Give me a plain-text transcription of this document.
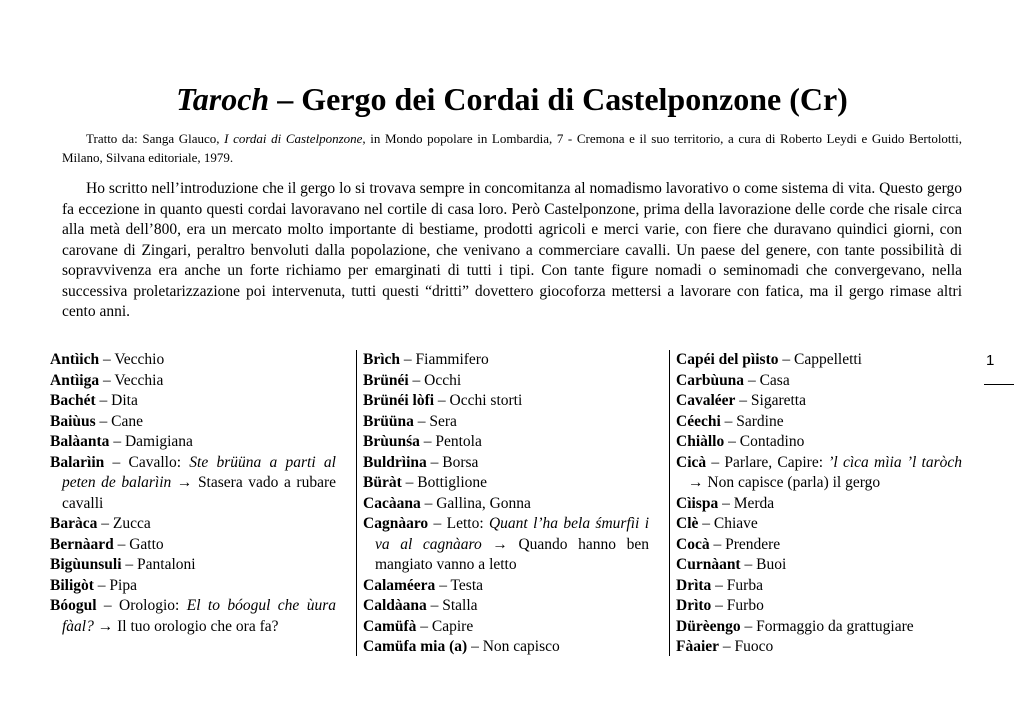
Taroch – Gergo dei Cordai di Castelponzone (Cr)
Tratto da: Sanga Glauco, I cordai di Castelponzone, in Mondo popolare in Lombardia, 7 - Cremona e il suo territorio, a cura di Roberto Leydi e Guido Bertolotti, Milano, Silvana editoriale, 1979.
Ho scritto nell’introduzione che il gergo lo si trovava sempre in concomitanza al nomadismo lavorativo o come sistema di vita. Questo gergo fa eccezione in quanto questi cordai lavoravano nel cortile di casa loro. Però Castelponzone, prima della lavorazione delle corde che risale circa alla metà dell’800, era un mercato molto importante di bestiame, prodotti agricoli e merci varie, con fiere che duravano quindici giorni, con carovane di Zingari, peraltro benvoluti dalla popolazione, che venivano a commerciare cavalli. Un paese del genere, con tante possibilità di sopravvivenza era anche un forte richiamo per emarginati di tutti i tipi. Con tante figure nomadi o seminomadi che convergevano, nella successiva proletarizzazione poi intervenuta, tutti questi “dritti” dovettero giocoforza mettersi a lavorare con fatica, ma il gergo rimase altri cento anni.
Antìich – Vecchio
Antìiga – Vecchia
Bachét – Dita
Baiùus – Cane
Balàanta – Damigiana
Balarìin – Cavallo: Ste brüüna a parti al peten de balarìin → Stasera vado a rubare cavalli
Baràca – Zucca
Bernàard – Gatto
Bigùunsuli – Pantaloni
Biligòt – Pipa
Bóogul – Orologio: El to bóogul che ùura fàal? → Il tuo orologio che ora fa?
Brìch – Fiammifero
Brünéi – Occhi
Brünéi lòfi – Occhi storti
Brüüna – Sera
Brùunśa – Pentola
Buldrìina – Borsa
Büràt – Bottiglione
Cacàana – Gallina, Gonna
Cagnàaro – Letto: Quant l’ha bela śmurfìi i va al cagnàaro → Quando hanno ben mangiato vanno a letto
Calaméera – Testa
Caldàana – Stalla
Camüfà – Capire
Camüfa mia (a) – Non capisco
Capéi del pìisto – Cappelletti
Carbùuna – Casa
Cavaléer – Sigaretta
Céechi – Sardine
Chiàllo – Contadino
Cicà – Parlare, Capire: ’l cìca mìia ’l taròch → Non capisce (parla) il gergo
Cìispa – Merda
Clè – Chiave
Cocà – Prendere
Curnàant – Buoi
Drìta – Furba
Drìto – Furbo
Dürèengo – Formaggio da grattugiare
Fàaier – Fuoco
1
